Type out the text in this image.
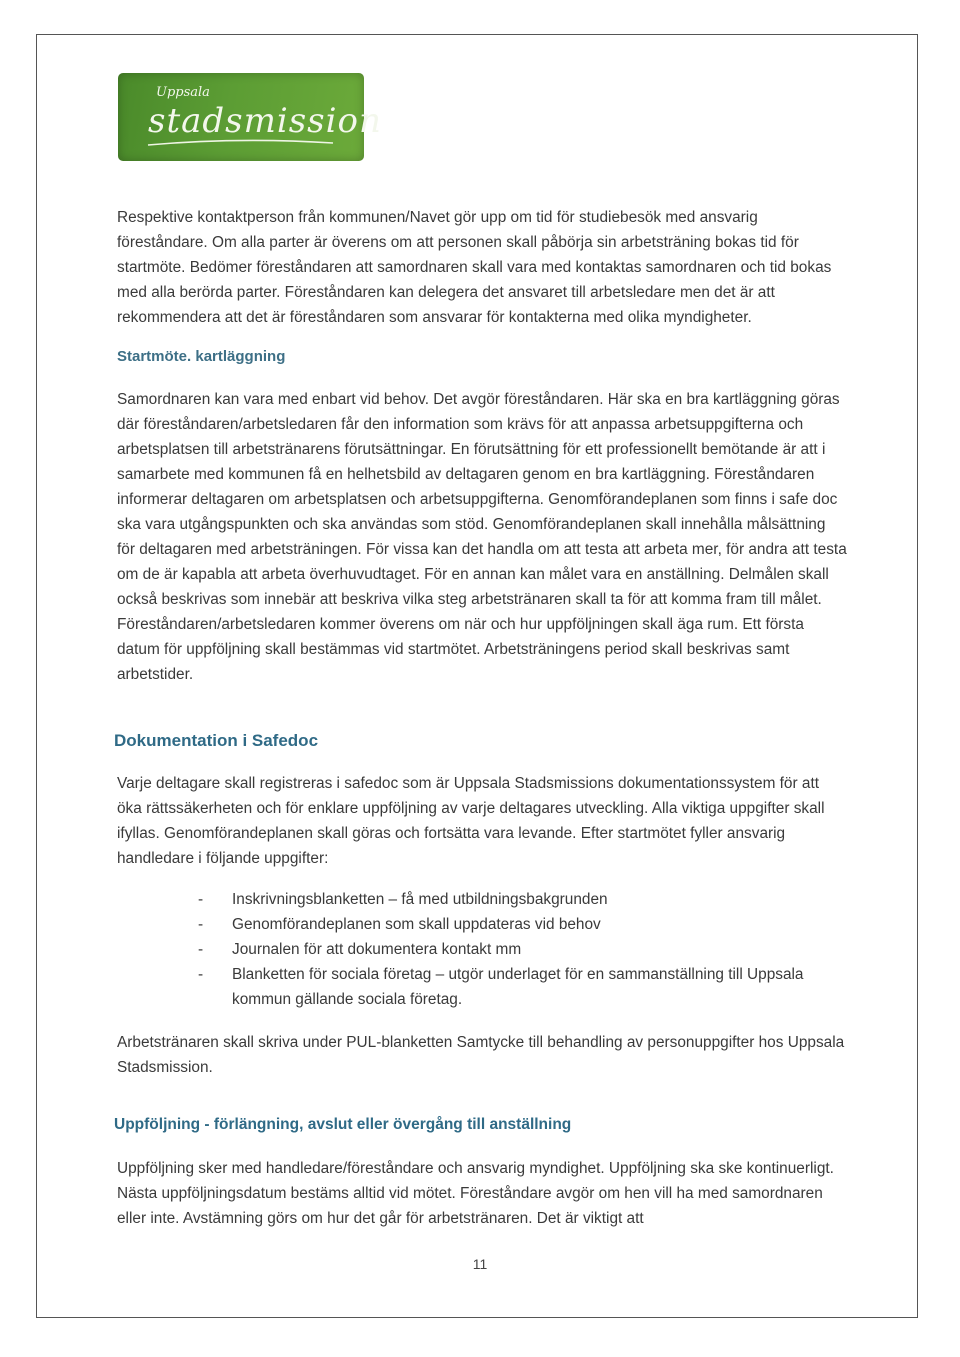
Uppsala
stadsmission

Respektive kontaktperson från kommunen/Navet gör upp om tid för studiebesök med ansvarig föreståndare. Om alla parter är överens om att personen skall påbörja sin arbetsträning bokas tid för startmöte. Bedömer föreståndaren att samordnaren skall vara med kontaktas samordnaren och tid bokas med alla berörda parter. Föreståndaren kan delegera det ansvaret till arbetsledare men det är att rekommendera att det är föreståndaren som ansvarar för kontakterna med olika myndigheter.

Startmöte. kartläggning

Samordnaren kan vara med enbart vid behov. Det avgör föreståndaren. Här ska en bra kartläggning göras där föreståndaren/arbetsledaren får den information som krävs för att anpassa arbetsuppgifterna och arbetsplatsen till arbetstränarens förutsättningar. En förutsättning för ett professionellt bemötande är att i samarbete med kommunen få en helhetsbild av deltagaren genom en bra kartläggning. Föreståndaren informerar deltagaren om arbetsplatsen och arbetsuppgifterna. Genomförandeplanen som finns i safe doc ska vara utgångspunkten och ska användas som stöd. Genomförandeplanen skall innehålla målsättning för deltagaren med arbetsträningen. För vissa kan det handla om att testa att arbeta mer, för andra att testa om de är kapabla att arbeta överhuvudtaget. För en annan kan målet vara en anställning. Delmålen skall också beskrivas som innebär att beskriva vilka steg arbetstränaren skall ta för att komma fram till målet. Föreståndaren/arbetsledaren kommer överens om när och hur uppföljningen skall äga rum. Ett första datum för uppföljning skall bestämmas vid startmötet. Arbetsträningens period skall beskrivas samt arbetstider.

Dokumentation i Safedoc

Varje deltagare skall registreras i safedoc som är Uppsala Stadsmissions dokumentationssystem för att öka rättssäkerheten och för enklare uppföljning av varje deltagares utveckling. Alla viktiga uppgifter skall ifyllas. Genomförandeplanen skall göras och fortsätta vara levande. Efter startmötet fyller ansvarig handledare i följande uppgifter:

- Inskrivningsblanketten – få med utbildningsbakgrunden
- Genomförandeplanen som skall uppdateras vid behov
- Journalen för att dokumentera kontakt mm
- Blanketten för sociala företag – utgör underlaget för en sammanställning till Uppsala kommun gällande sociala företag.

Arbetstränaren skall skriva under PUL-blanketten Samtycke till behandling av personuppgifter hos Uppsala Stadsmission.

Uppföljning - förlängning, avslut eller övergång till anställning

Uppföljning sker med handledare/föreståndare och ansvarig myndighet. Uppföljning ska ske kontinuerligt. Nästa uppföljningsdatum bestäms alltid vid mötet. Föreståndare avgör om hen vill ha med samordnaren eller inte. Avstämning görs om hur det går för arbetstränaren. Det är viktigt att

11
